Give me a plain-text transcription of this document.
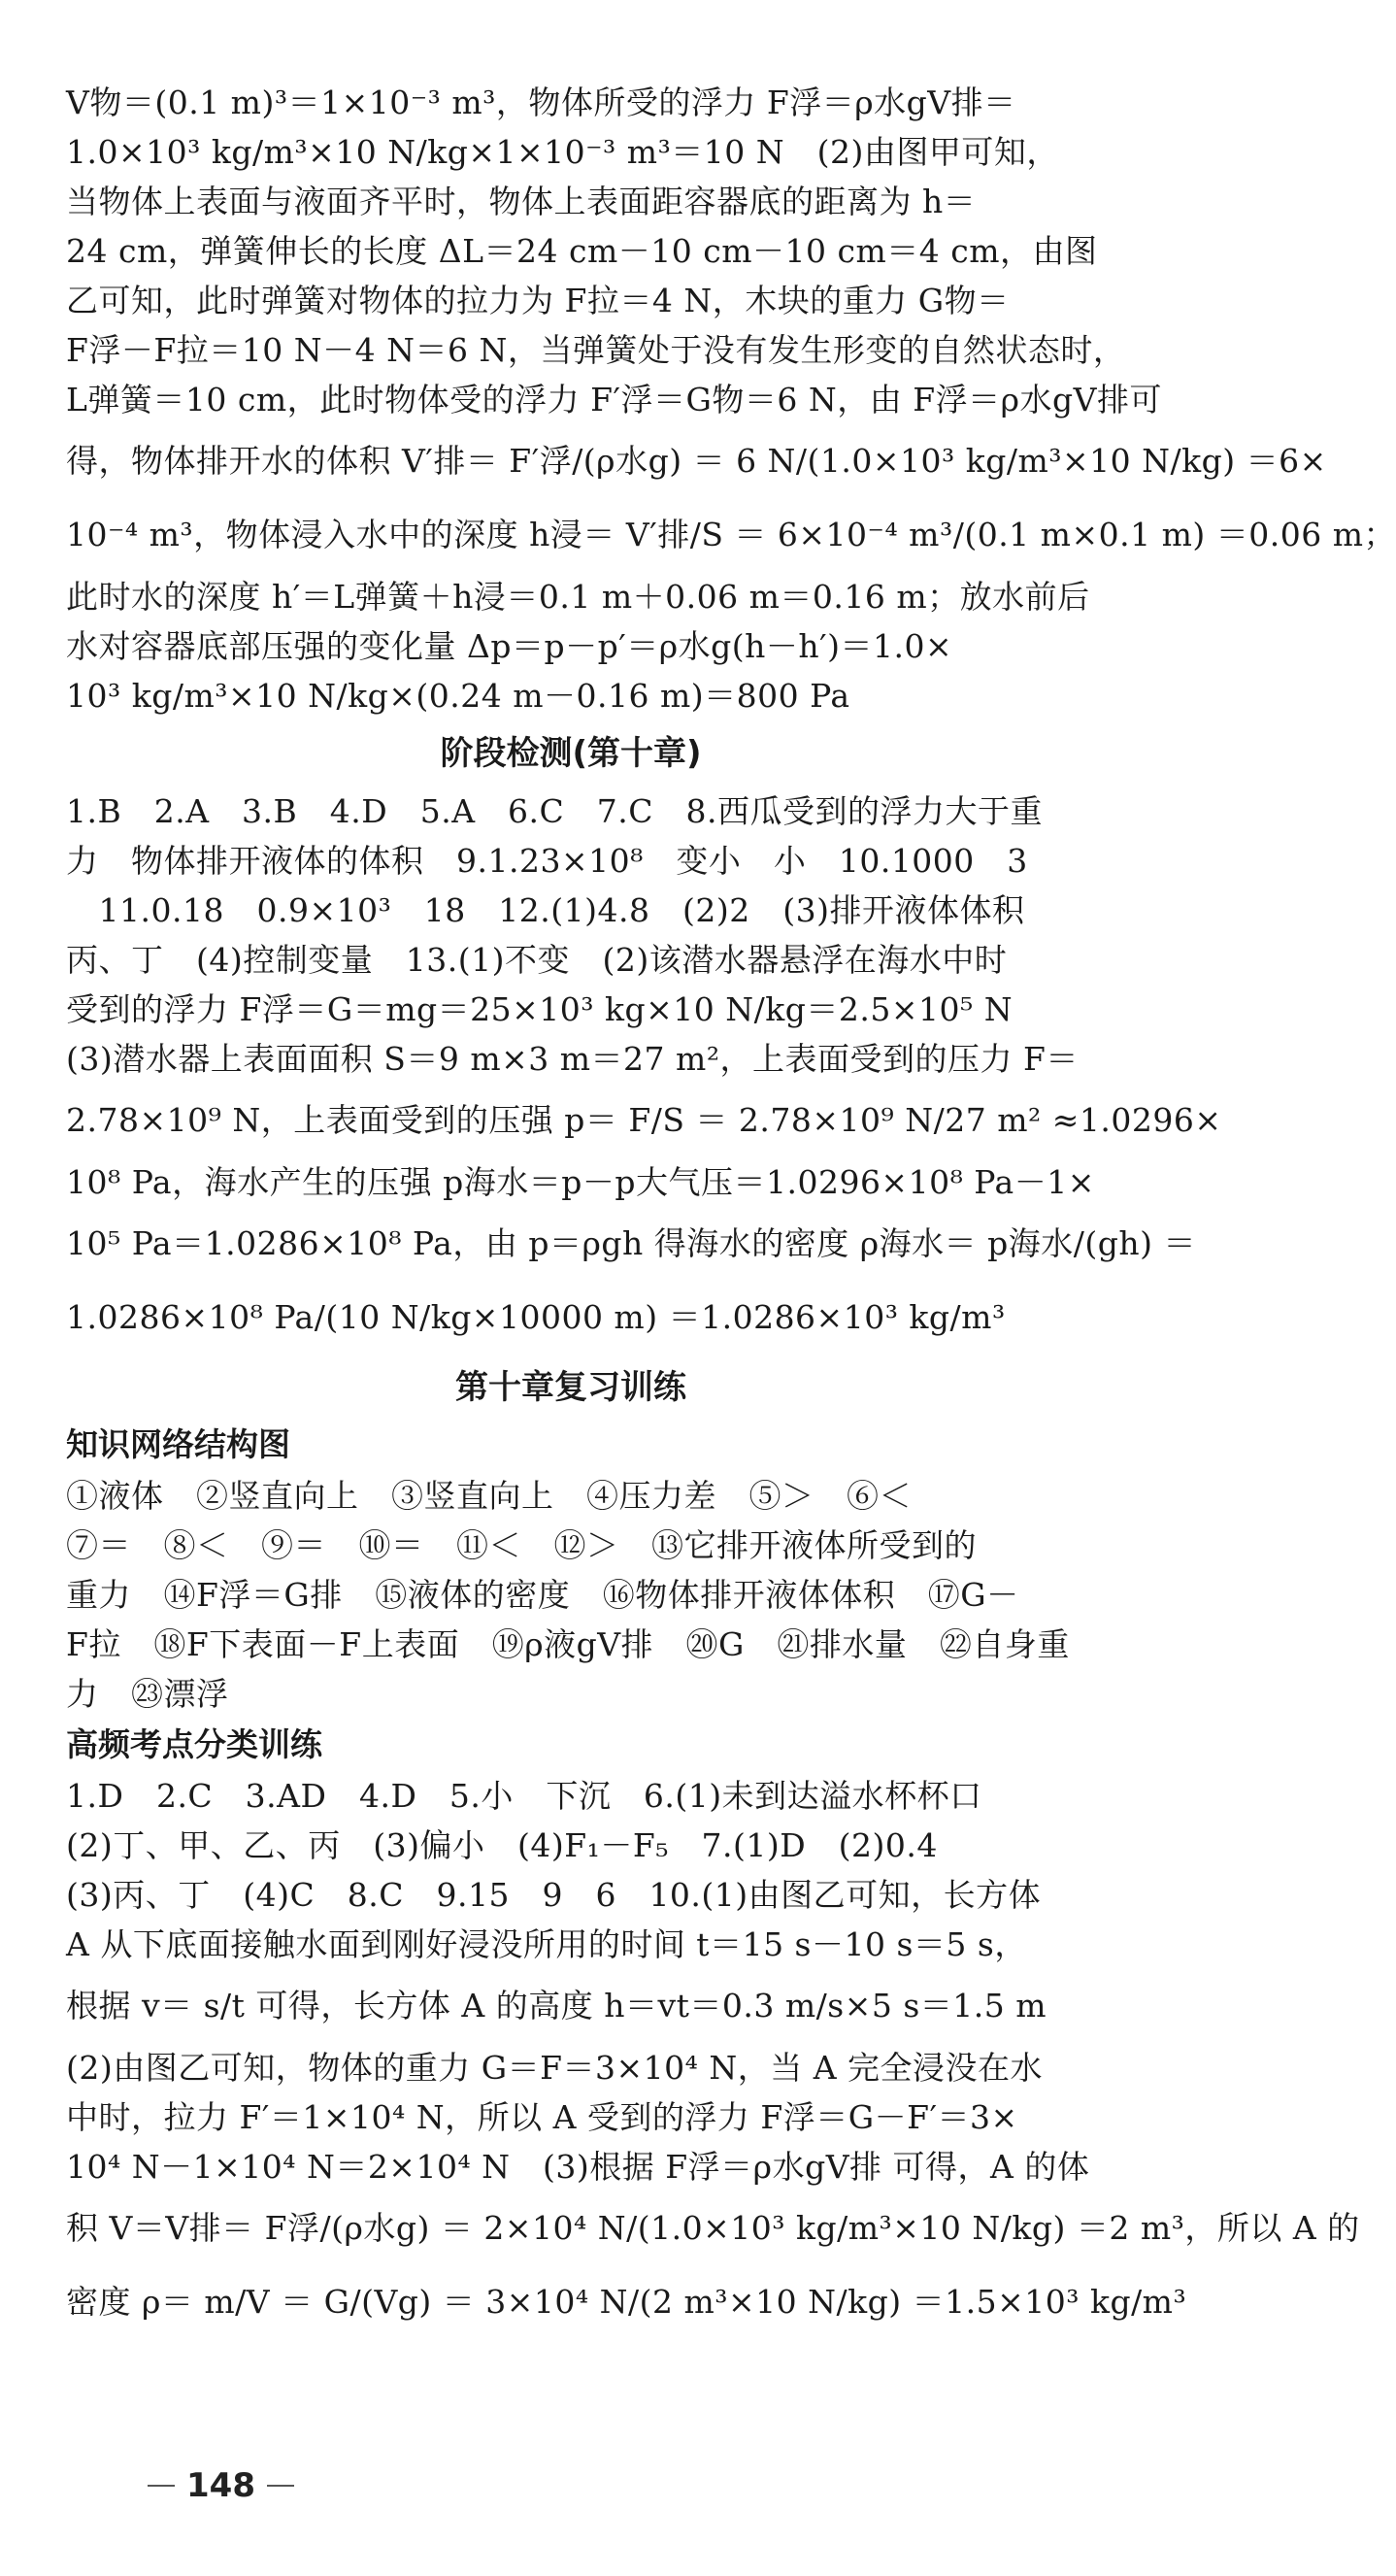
V物＝(0.1 m)³＝1×10⁻³ m³，物体所受的浮力 F浮＝ρ水gV排＝

1.0×10³ kg/m³×10 N/kg×1×10⁻³ m³＝10 N　(2)由图甲可知，

当物体上表面与液面齐平时，物体上表面距容器底的距离为 h＝

24 cm，弹簧伸长的长度 ΔL＝24 cm－10 cm－10 cm＝4 cm，由图

乙可知，此时弹簧对物体的拉力为 F拉＝4 N，木块的重力 G物＝

F浮－F拉＝10 N－4 N＝6 N，当弹簧处于没有发生形变的自然状态时，

L弹簧＝10 cm，此时物体受的浮力 F′浮＝G物＝6 N，由 F浮＝ρ水gV排可

得，物体排开水的体积 V′排＝ F′浮/(ρ水g) ＝ 6 N/(1.0×10³ kg/m³×10 N/kg) ＝6×

10⁻⁴ m³，物体浸入水中的深度 h浸＝ V′排/S ＝ 6×10⁻⁴ m³/(0.1 m×0.1 m) ＝0.06 m；

此时水的深度 h′＝L弹簧＋h浸＝0.1 m＋0.06 m＝0.16 m；放水前后

水对容器底部压强的变化量 Δp＝p－p′＝ρ水g(h－h′)＝1.0×

10³ kg/m³×10 N/kg×(0.24 m－0.16 m)＝800 Pa

阶段检测(第十章)

1.B　2.A　3.B　4.D　5.A　6.C　7.C　8.西瓜受到的浮力大于重

力　物体排开液体的体积　9.1.23×10⁸　变小　小　10.1000　3

　11.0.18　0.9×10³　18　12.(1)4.8　(2)2　(3)排开液体体积

丙、丁　(4)控制变量　13.(1)不变　(2)该潜水器悬浮在海水中时

受到的浮力 F浮＝G＝mg＝25×10³ kg×10 N/kg＝2.5×10⁵ N

(3)潜水器上表面面积 S＝9 m×3 m＝27 m²，上表面受到的压力 F＝

2.78×10⁹ N，上表面受到的压强 p＝ F/S ＝ 2.78×10⁹ N/27 m² ≈1.0296×

10⁸ Pa，海水产生的压强 p海水＝p－p大气压＝1.0296×10⁸ Pa－1×

10⁵ Pa＝1.0286×10⁸ Pa，由 p＝ρgh 得海水的密度 ρ海水＝ p海水/(gh) ＝

1.0286×10⁸ Pa/(10 N/kg×10000 m) ＝1.0286×10³ kg/m³

第十章复习训练
知识网络结构图

①液体　②竖直向上　③竖直向上　④压力差　⑤＞　⑥＜

⑦＝　⑧＜　⑨＝　⑩＝　⑪＜　⑫＞　⑬它排开液体所受到的

重力　⑭F浮＝G排　⑮液体的密度　⑯物体排开液体体积　⑰G－

F拉　⑱F下表面－F上表面　⑲ρ液gV排　⑳G　㉑排水量　㉒自身重

力　㉓漂浮

高频考点分类训练

1.D　2.C　3.AD　4.D　5.小　下沉　6.(1)未到达溢水杯杯口

(2)丁、甲、乙、丙　(3)偏小　(4)F₁－F₅　7.(1)D　(2)0.4

(3)丙、丁　(4)C　8.C　9.15　9　6　10.(1)由图乙可知，长方体

A 从下底面接触水面到刚好浸没所用的时间 t＝15 s－10 s＝5 s，

根据 v＝ s/t 可得，长方体 A 的高度 h＝vt＝0.3 m/s×5 s＝1.5 m

(2)由图乙可知，物体的重力 G＝F＝3×10⁴ N，当 A 完全浸没在水

中时，拉力 F′＝1×10⁴ N，所以 A 受到的浮力 F浮＝G－F′＝3×

10⁴ N－1×10⁴ N＝2×10⁴ N　(3)根据 F浮＝ρ水gV排 可得，A 的体

积 V＝V排＝ F浮/(ρ水g) ＝ 2×10⁴ N/(1.0×10³ kg/m³×10 N/kg) ＝2 m³，所以 A 的

密度 ρ＝ m/V ＝ G/(Vg) ＝ 3×10⁴ N/(2 m³×10 N/kg) ＝1.5×10³ kg/m³

148
